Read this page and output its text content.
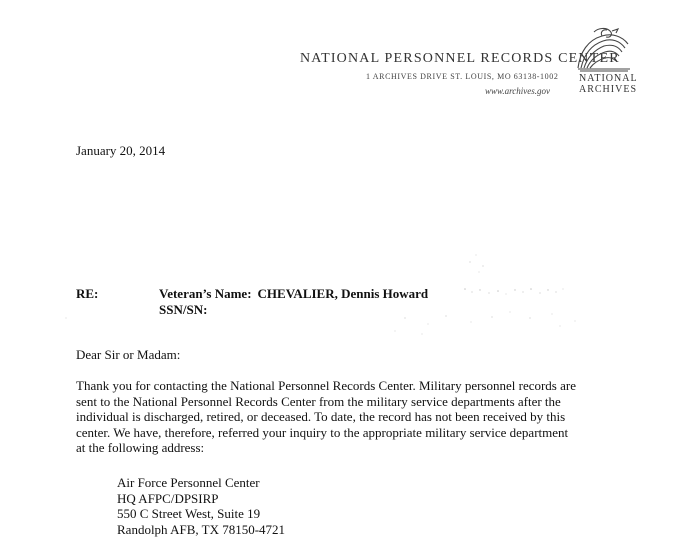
NATIONAL PERSONNEL RECORDS CENTER
1 ARCHIVES DRIVE ST. LOUIS, MO 63138-1002
www.archives.gov
NATIONAL
ARCHIVES
January 20, 2014
RE:	Veteran’s Name: CHEVALIER, Dennis Howard
SSN/SN:
Dear Sir or Madam:
Thank you for contacting the National Personnel Records Center. Military personnel records are
sent to the National Personnel Records Center from the military service departments after the
individual is discharged, retired, or deceased. To date, the record has not been received by this
center. We have, therefore, referred your inquiry to the appropriate military service department
at the following address:
Air Force Personnel Center
HQ AFPC/DPSIRP
550 C Street West, Suite 19
Randolph AFB, TX 78150-4721
